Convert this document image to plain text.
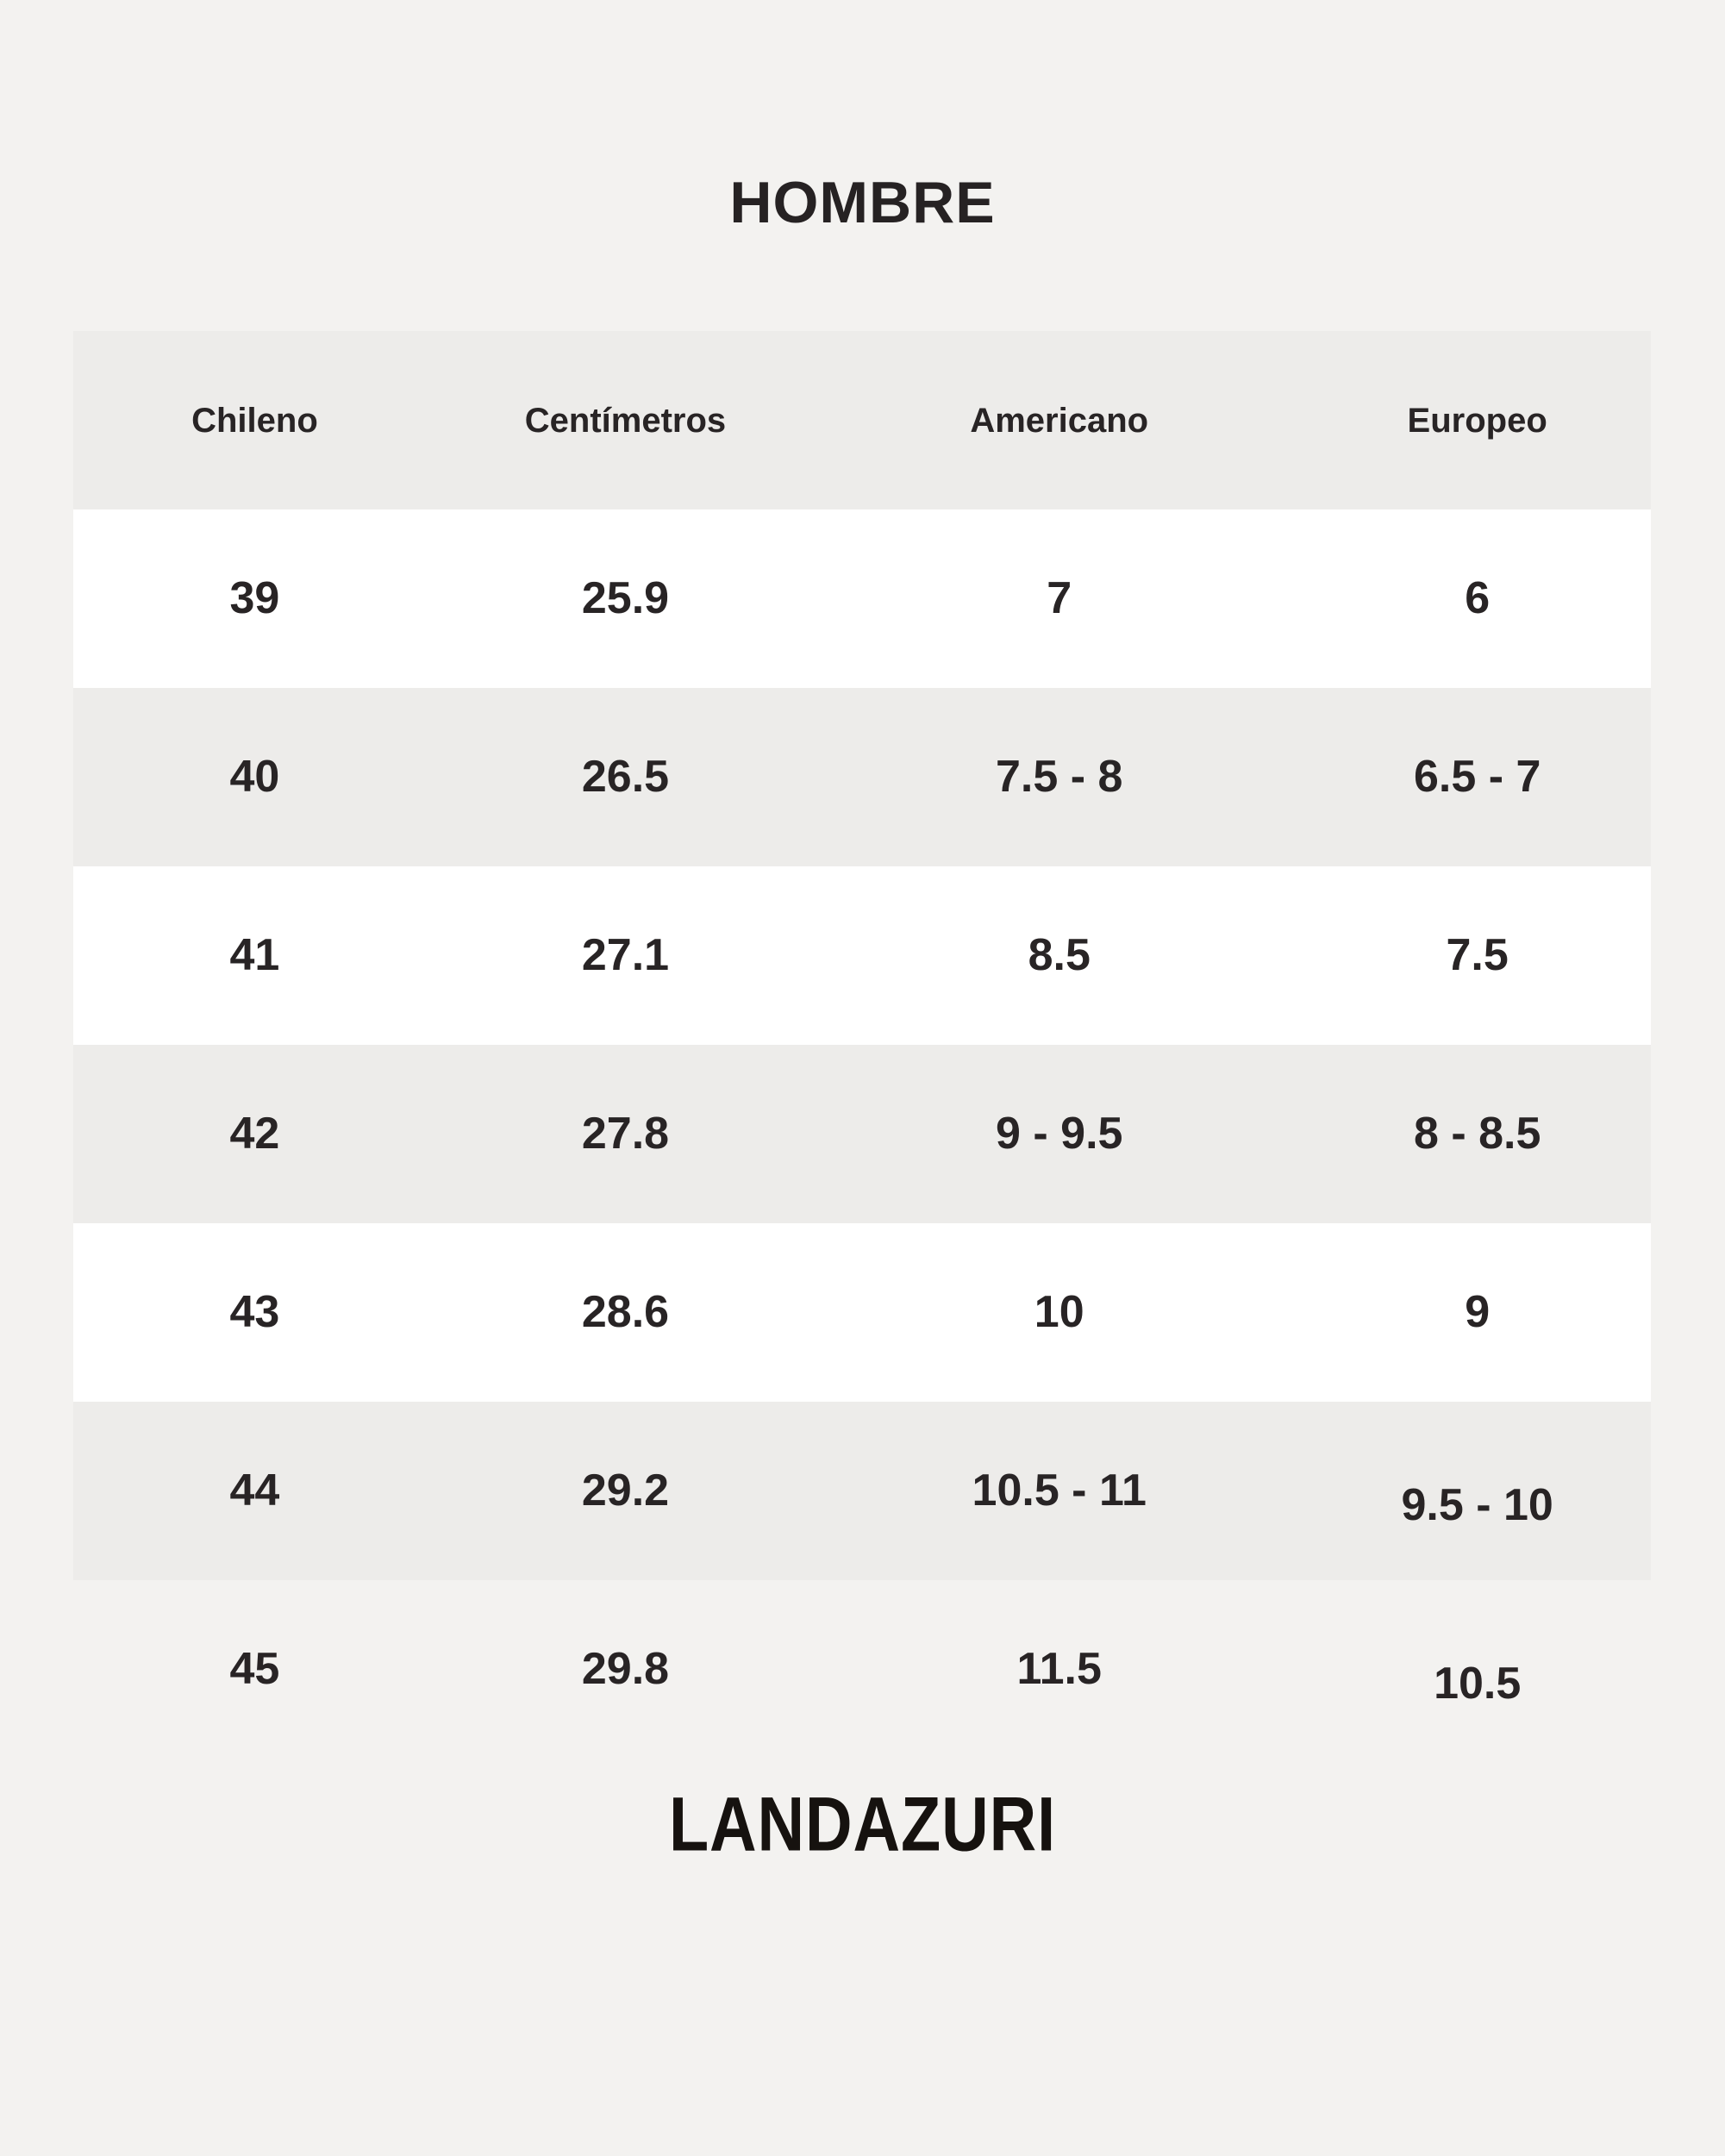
HOMBRE
Chileno	Centímetros	Americano	Europeo
39	25.9	7	6
40	26.5	7.5 - 8	6.5 - 7
41	27.1	8.5	7.5
42	27.8	9 - 9.5	8 - 8.5
43	28.6	10	9
44	29.2	10.5 - 11	9.5 - 10
45	29.8	11.5	10.5

LANDAZURI
